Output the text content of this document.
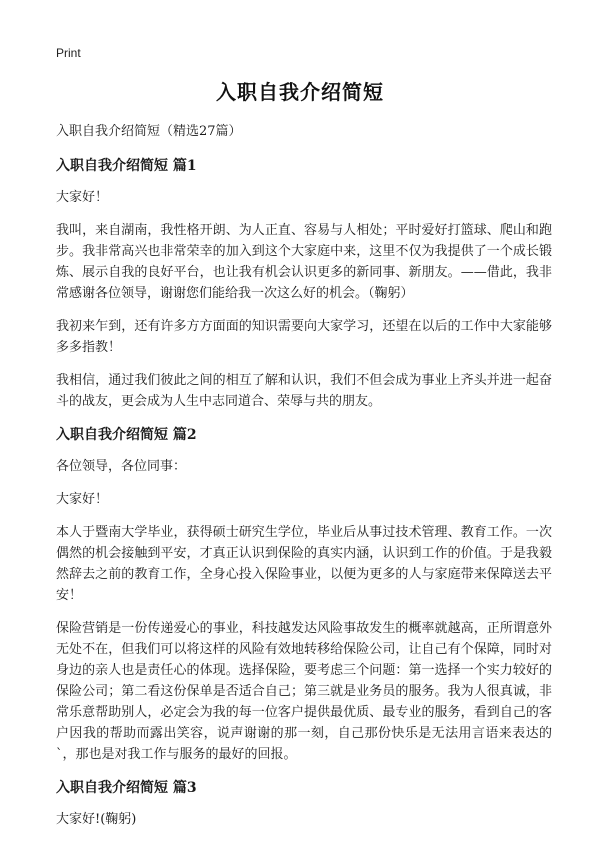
Print
入职自我介绍简短

入职自我介绍简短（精选27篇）

入职自我介绍简短 篇1

大家好！

我叫，来自湖南，我性格开朗、为人正直、容易与人相处；平时爱好打篮球、爬山和跑步。我非常高兴也非常荣幸的加入到这个大家庭中来，这里不仅为我提供了一个成长锻炼、展示自我的良好平台，也让我有机会认识更多的新同事、新朋友。——借此，我非常感谢各位领导，谢谢您们能给我一次这么好的机会。（鞠躬）

我初来乍到，还有许多方方面面的知识需要向大家学习，还望在以后的工作中大家能够多多指教！

我相信，通过我们彼此之间的相互了解和认识，我们不但会成为事业上齐头并进一起奋斗的战友，更会成为人生中志同道合、荣辱与共的朋友。

入职自我介绍简短 篇2

各位领导，各位同事：

大家好！

本人于暨南大学毕业，获得硕士研究生学位，毕业后从事过技术管理、教育工作。一次偶然的机会接触到平安，才真正认识到保险的真实内涵，认识到工作的价值。于是我毅然辞去之前的教育工作，全身心投入保险事业，以便为更多的人与家庭带来保障送去平安！

保险营销是一份传递爱心的事业，科技越发达风险事故发生的概率就越高，正所谓意外无处不在，但我们可以将这样的风险有效地转移给保险公司，让自己有个保障，同时对身边的亲人也是责任心的体现。选择保险，要考虑三个问题：第一选择一个实力较好的保险公司；第二看这份保单是否适合自己；第三就是业务员的服务。我为人很真诚，非常乐意帮助别人，必定会为我的每一位客户提供最优质、最专业的服务，看到自己的客户因我的帮助而露出笑容，说声谢谢的那一刻，自己那份快乐是无法用言语来表达的`，那也是对我工作与服务的最好的回报。

入职自我介绍简短 篇3

大家好!(鞠躬)
